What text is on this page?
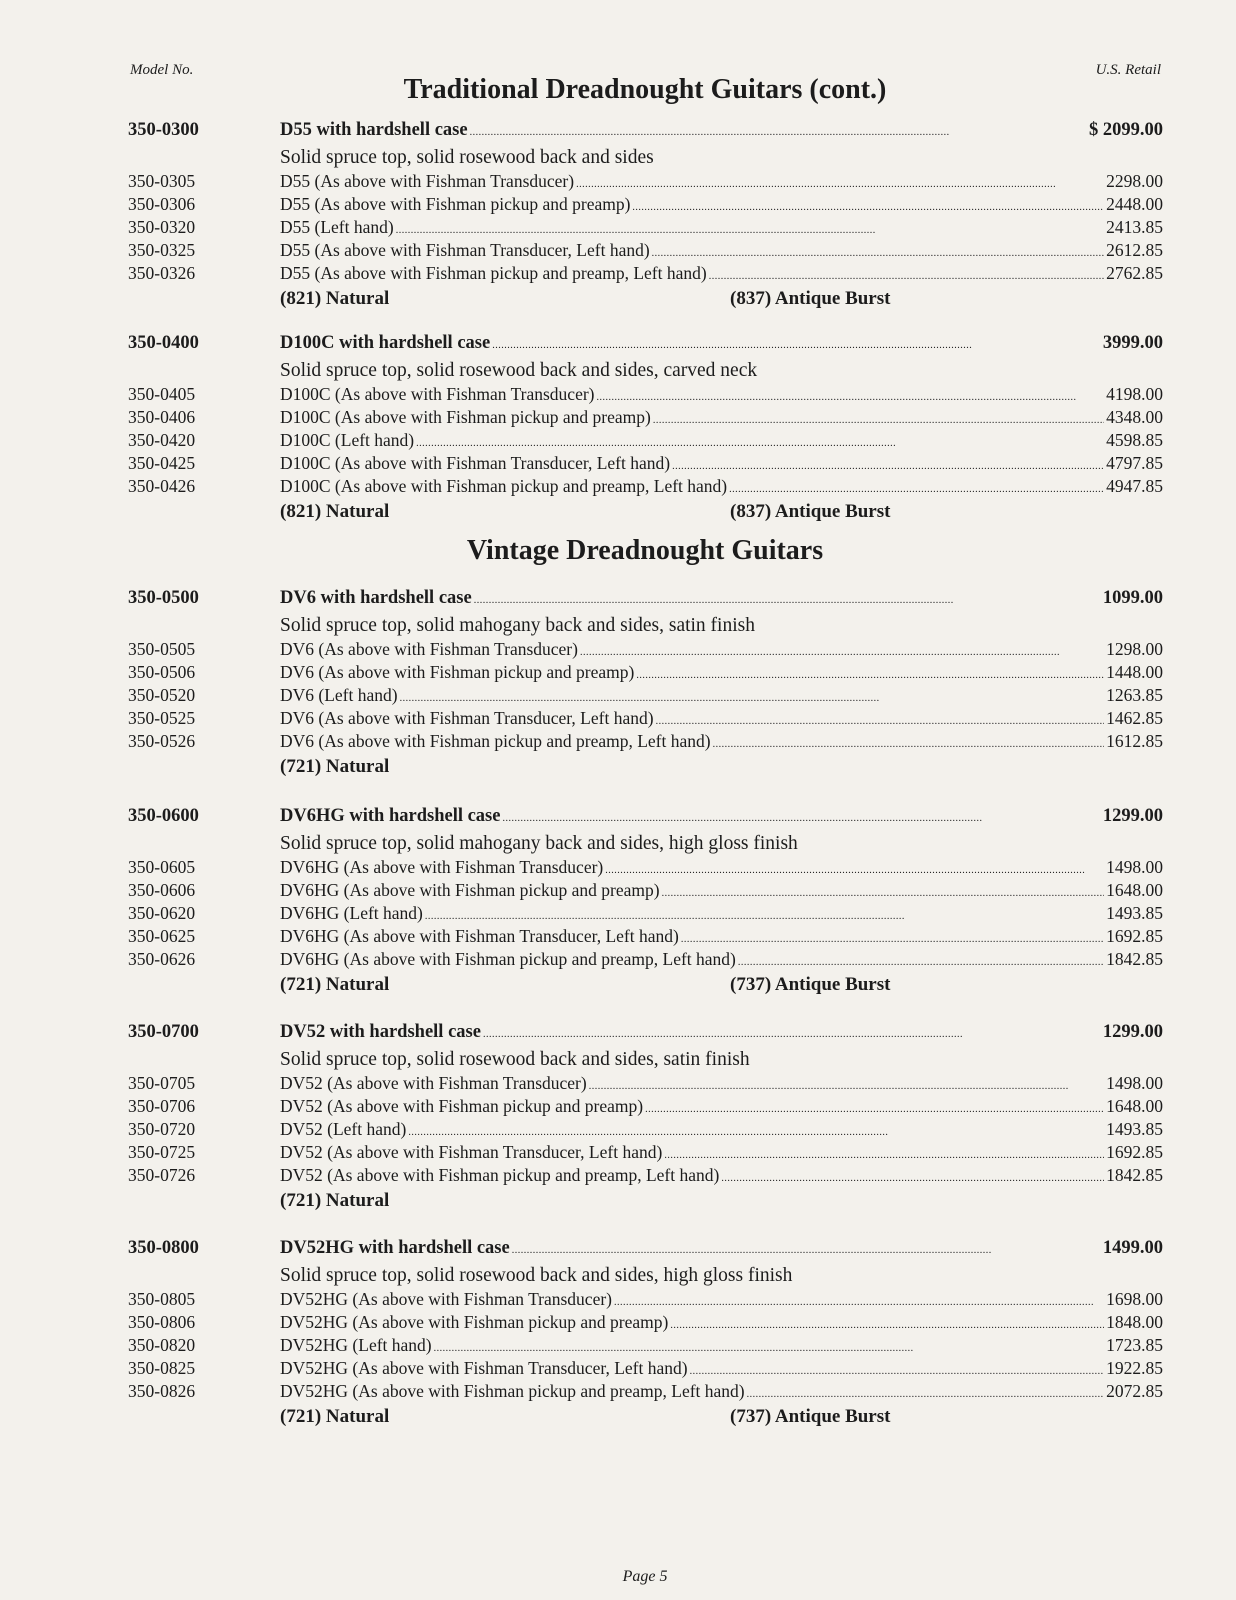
Model No.	U.S. Retail
Traditional Dreadnought Guitars (cont.)
350-0300	D55 with hardshell case . . .	$ 2099.00
Solid spruce top, solid rosewood back and sides
350-0305	D55 (As above with Fishman Transducer) . . .	2298.00
350-0306	D55 (As above with Fishman pickup and preamp) . . .	2448.00
350-0320	D55 (Left hand) . . .	2413.85
350-0325	D55 (As above with Fishman Transducer, Left hand) . . .	2612.85
350-0326	D55 (As above with Fishman pickup and preamp, Left hand) . . .	2762.85
(821) Natural	(837) Antique Burst
350-0400	D100C with hardshell case . . .	3999.00
Solid spruce top, solid rosewood back and sides, carved neck
350-0405	D100C (As above with Fishman Transducer) . . .	4198.00
350-0406	D100C (As above with Fishman pickup and preamp) . . .	4348.00
350-0420	D100C (Left hand) . . .	4598.85
350-0425	D100C (As above with Fishman Transducer, Left hand) . . .	4797.85
350-0426	D100C (As above with Fishman pickup and preamp, Left hand) . . .	4947.85
(821) Natural	(837) Antique Burst
Vintage Dreadnought Guitars
350-0500	DV6 with hardshell case . . .	1099.00
Solid spruce top, solid mahogany back and sides, satin finish
350-0505	DV6 (As above with Fishman Transducer) . . .	1298.00
350-0506	DV6 (As above with Fishman pickup and preamp) . . .	1448.00
350-0520	DV6 (Left hand) . . .	1263.85
350-0525	DV6 (As above with Fishman Transducer, Left hand) . . .	1462.85
350-0526	DV6 (As above with Fishman pickup and preamp, Left hand) . . .	1612.85
(721) Natural
350-0600	DV6HG with hardshell case . . .	1299.00
Solid spruce top, solid mahogany back and sides, high gloss finish
350-0605	DV6HG (As above with Fishman Transducer) . . .	1498.00
350-0606	DV6HG (As above with Fishman pickup and preamp) . . .	1648.00
350-0620	DV6HG (Left hand) . . .	1493.85
350-0625	DV6HG (As above with Fishman Transducer, Left hand) . . .	1692.85
350-0626	DV6HG (As above with Fishman pickup and preamp, Left hand) . . .	1842.85
(721) Natural	(737) Antique Burst
350-0700	DV52 with hardshell case . . .	1299.00
Solid spruce top, solid rosewood back and sides, satin finish
350-0705	DV52 (As above with Fishman Transducer) . . .	1498.00
350-0706	DV52 (As above with Fishman pickup and preamp) . . .	1648.00
350-0720	DV52 (Left hand) . . .	1493.85
350-0725	DV52 (As above with Fishman Transducer, Left hand) . . .	1692.85
350-0726	DV52 (As above with Fishman pickup and preamp, Left hand) . . .	1842.85
(721) Natural
350-0800	DV52HG with hardshell case . . .	1499.00
Solid spruce top, solid rosewood back and sides, high gloss finish
350-0805	DV52HG (As above with Fishman Transducer) . . .	1698.00
350-0806	DV52HG (As above with Fishman pickup and preamp) . . .	1848.00
350-0820	DV52HG (Left hand) . . .	1723.85
350-0825	DV52HG (As above with Fishman Transducer, Left hand) . . .	1922.85
350-0826	DV52HG (As above with Fishman pickup and preamp, Left hand) . . .	2072.85
(721) Natural	(737) Antique Burst
Page 5
